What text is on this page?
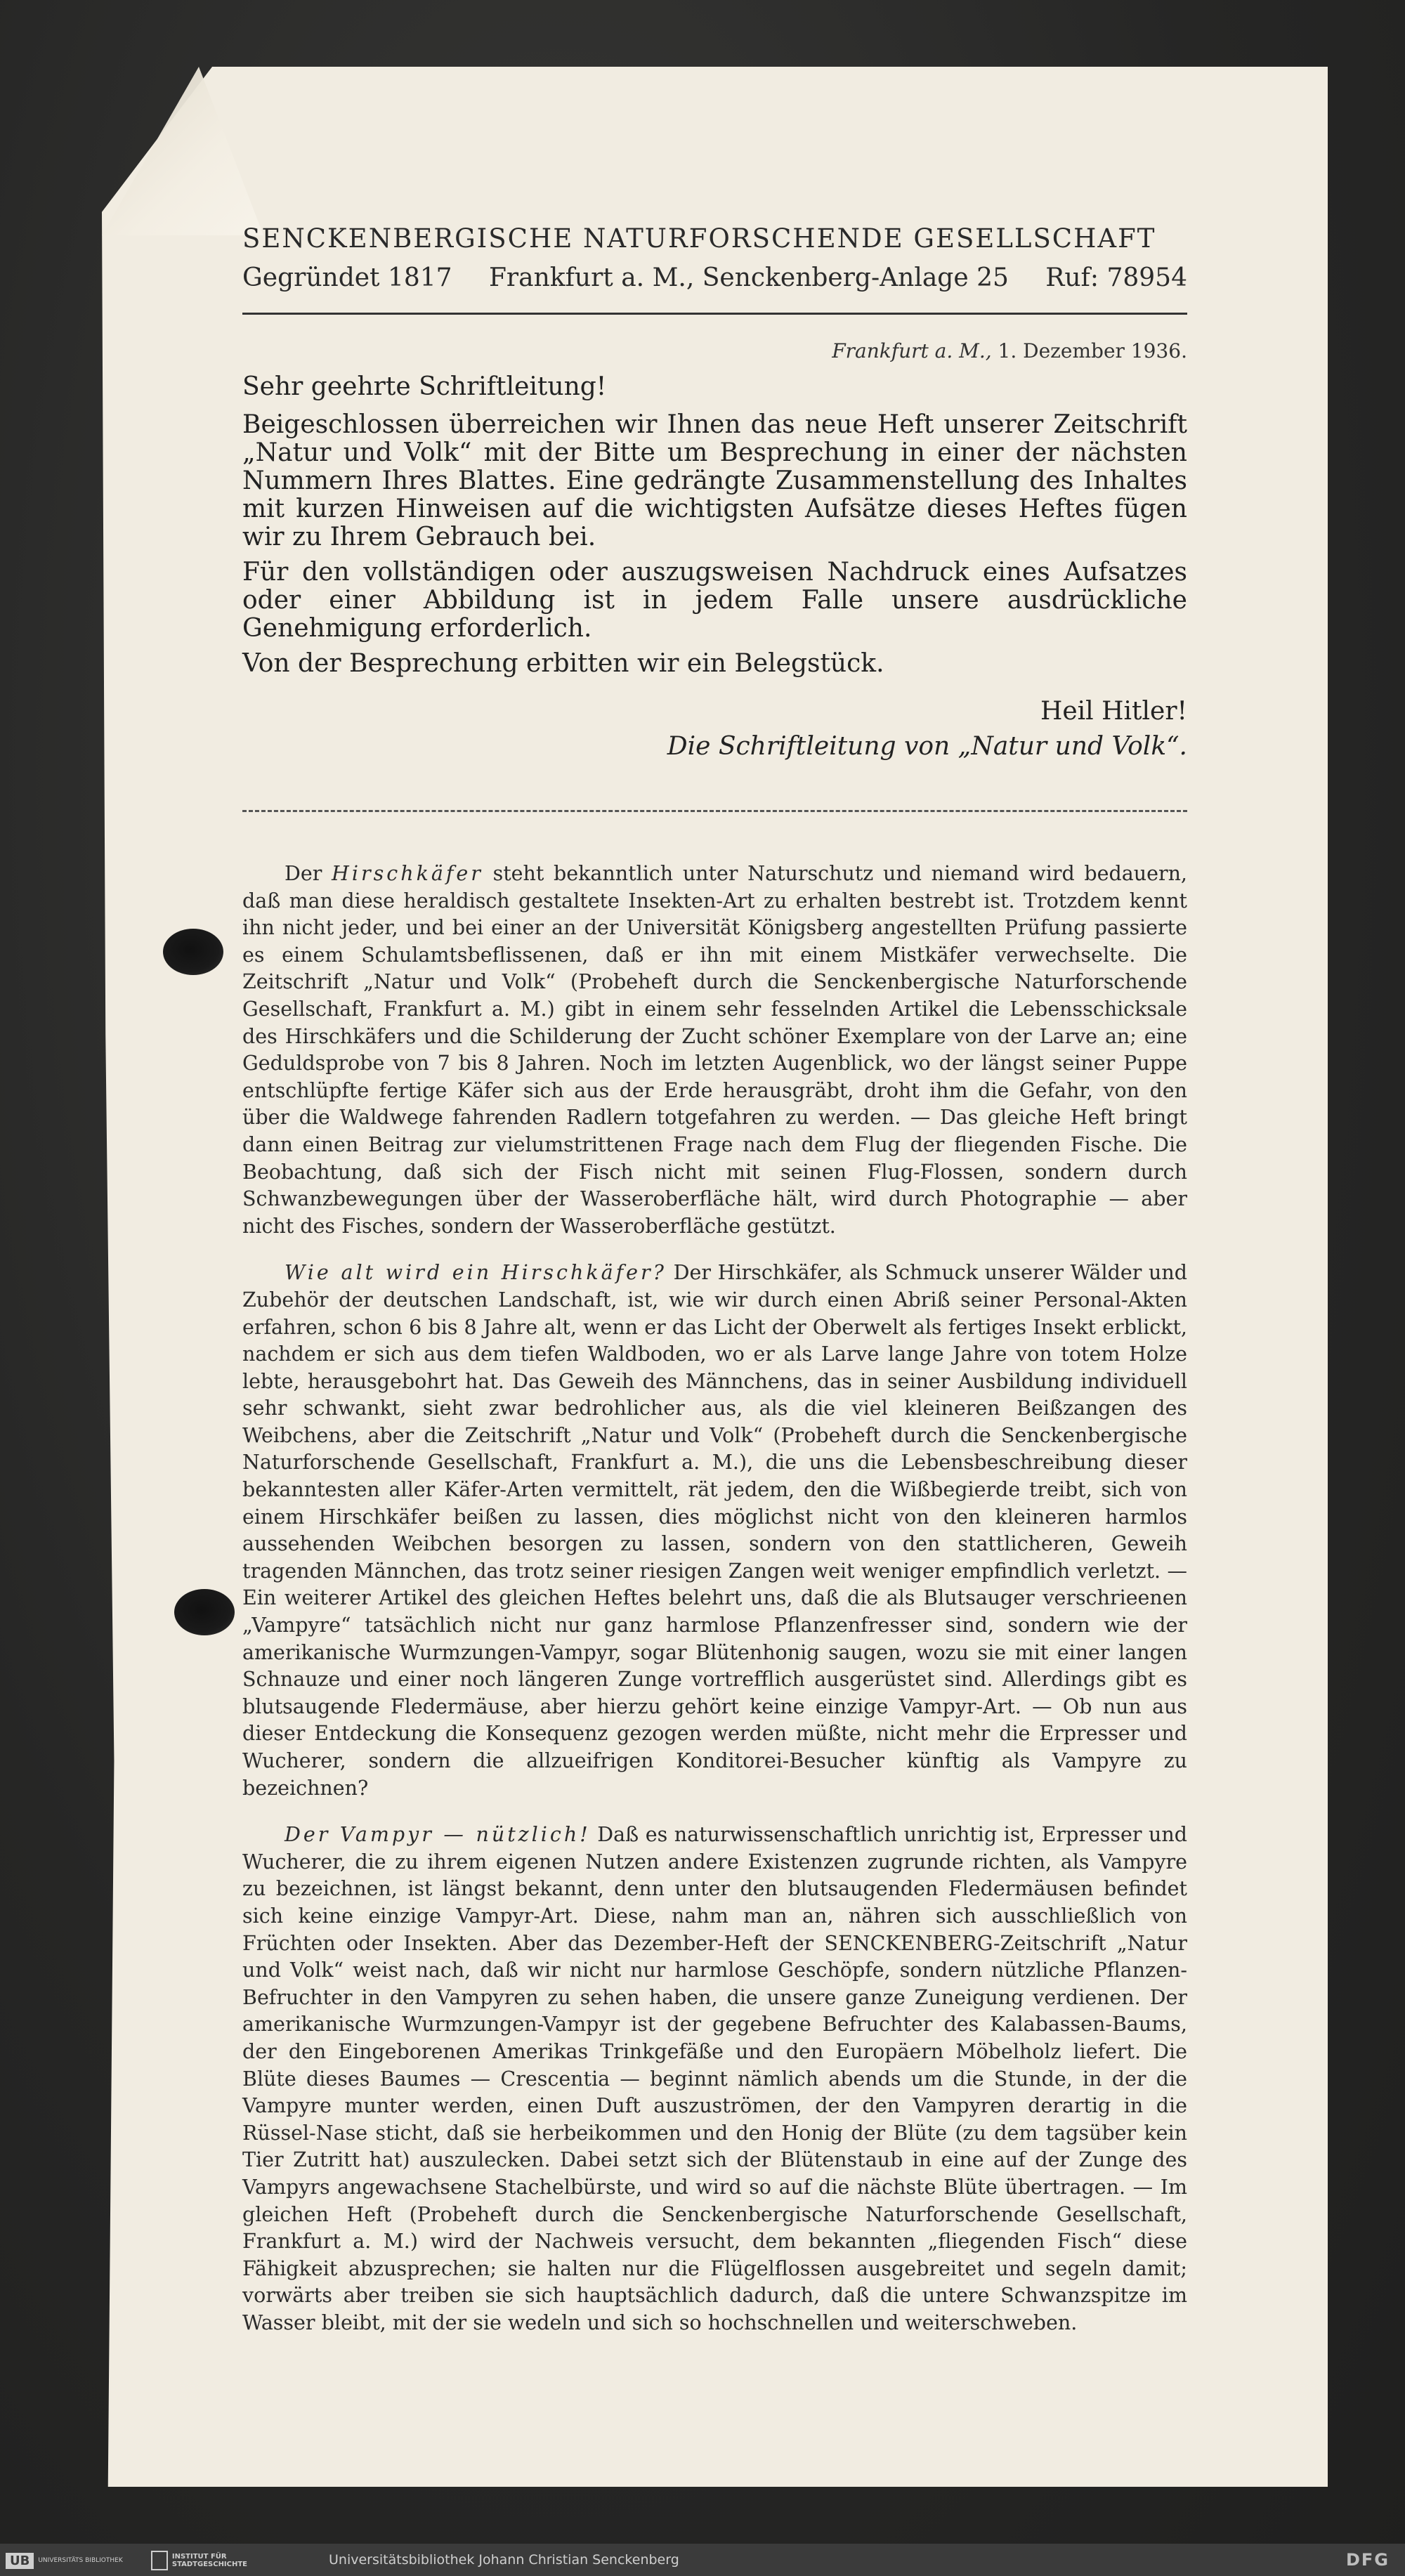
SENCKENBERGISCHE NATURFORSCHENDE GESELLSCHAFT
Gegründet 1817 Frankfurt a. M., Senckenberg-Anlage 25 Ruf: 78954
Frankfurt a. M., 1. Dezember 1936.
Sehr geehrte Schriftleitung!

Beigeschlossen überreichen wir Ihnen das neue Heft unserer Zeitschrift „Natur und Volk“ mit der Bitte um Besprechung in einer der nächsten Nummern Ihres Blattes. Eine gedrängte Zusammenstellung des Inhaltes mit kurzen Hinweisen auf die wichtigsten Aufsätze dieses Heftes fügen wir zu Ihrem Gebrauch bei.

Für den vollständigen oder auszugsweisen Nachdruck eines Aufsatzes oder einer Abbildung ist in jedem Falle unsere ausdrückliche Genehmigung erforderlich.

Von der Besprechung erbitten wir ein Belegstück.

Heil Hitler!
Die Schriftleitung von „Natur und Volk“.

Der Hirschkäfer steht bekanntlich unter Naturschutz und niemand wird bedauern, daß man diese heraldisch gestaltete Insekten-Art zu erhalten bestrebt ist. Trotzdem kennt ihn nicht jeder, und bei einer an der Universität Königsberg angestellten Prüfung passierte es einem Schulamtsbeflissenen, daß er ihn mit einem Mistkäfer verwechselte. Die Zeitschrift „Natur und Volk“ (Probeheft durch die Senckenbergische Naturforschende Gesellschaft, Frankfurt a. M.) gibt in einem sehr fesselnden Artikel die Lebensschicksale des Hirschkäfers und die Schilderung der Zucht schöner Exemplare von der Larve an; eine Geduldsprobe von 7 bis 8 Jahren. Noch im letzten Augenblick, wo der längst seiner Puppe entschlüpfte fertige Käfer sich aus der Erde herausgräbt, droht ihm die Gefahr, von den über die Waldwege fahrenden Radlern totgefahren zu werden. — Das gleiche Heft bringt dann einen Beitrag zur vielumstrittenen Frage nach dem Flug der fliegenden Fische. Die Beobachtung, daß sich der Fisch nicht mit seinen Flug-Flossen, sondern durch Schwanzbewegungen über der Wasseroberfläche hält, wird durch Photographie — aber nicht des Fisches, sondern der Wasseroberfläche gestützt.

Wie alt wird ein Hirschkäfer? Der Hirschkäfer, als Schmuck unserer Wälder und Zubehör der deutschen Landschaft, ist, wie wir durch einen Abriß seiner Personal-Akten erfahren, schon 6 bis 8 Jahre alt, wenn er das Licht der Oberwelt als fertiges Insekt erblickt, nachdem er sich aus dem tiefen Waldboden, wo er als Larve lange Jahre von totem Holze lebte, herausgebohrt hat. Das Geweih des Männchens, das in seiner Ausbildung individuell sehr schwankt, sieht zwar bedrohlicher aus, als die viel kleineren Beißzangen des Weibchens, aber die Zeitschrift „Natur und Volk“ (Probeheft durch die Senckenbergische Naturforschende Gesellschaft, Frankfurt a. M.), die uns die Lebensbeschreibung dieser bekanntesten aller Käfer-Arten vermittelt, rät jedem, den die Wißbegierde treibt, sich von einem Hirschkäfer beißen zu lassen, dies möglichst nicht von den kleineren harmlos aussehenden Weibchen besorgen zu lassen, sondern von den stattlicheren, Geweih tragenden Männchen, das trotz seiner riesigen Zangen weit weniger empfindlich verletzt. — Ein weiterer Artikel des gleichen Heftes belehrt uns, daß die als Blutsauger verschrieenen „Vampyre“ tatsächlich nicht nur ganz harmlose Pflanzenfresser sind, sondern wie der amerikanische Wurmzungen-Vampyr, sogar Blütenhonig saugen, wozu sie mit einer langen Schnauze und einer noch längeren Zunge vortrefflich ausgerüstet sind. Allerdings gibt es blutsaugende Fledermäuse, aber hierzu gehört keine einzige Vampyr-Art. — Ob nun aus dieser Entdeckung die Konsequenz gezogen werden müßte, nicht mehr die Erpresser und Wucherer, sondern die allzueifrigen Konditorei-Besucher künftig als Vampyre zu bezeichnen?

Der Vampyr — nützlich! Daß es naturwissenschaftlich unrichtig ist, Erpresser und Wucherer, die zu ihrem eigenen Nutzen andere Existenzen zugrunde richten, als Vampyre zu bezeichnen, ist längst bekannt, denn unter den blutsaugenden Fledermäusen befindet sich keine einzige Vampyr-Art. Diese, nahm man an, nähren sich ausschließlich von Früchten oder Insekten. Aber das Dezember-Heft der SENCKENBERG-Zeitschrift „Natur und Volk“ weist nach, daß wir nicht nur harmlose Geschöpfe, sondern nützliche Pflanzen-Befruchter in den Vampyren zu sehen haben, die unsere ganze Zuneigung verdienen. Der amerikanische Wurmzungen-Vampyr ist der gegebene Befruchter des Kalabassen-Baums, der den Eingeborenen Amerikas Trinkgefäße und den Europäern Möbelholz liefert. Die Blüte dieses Baumes — Crescentia — beginnt nämlich abends um die Stunde, in der die Vampyre munter werden, einen Duft auszuströmen, der den Vampyren derartig in die Rüssel-Nase sticht, daß sie herbeikommen und den Honig der Blüte (zu dem tagsüber kein Tier Zutritt hat) auszulecken. Dabei setzt sich der Blütenstaub in eine auf der Zunge des Vampyrs angewachsene Stachelbürste, und wird so auf die nächste Blüte übertragen. — Im gleichen Heft (Probeheft durch die Senckenbergische Naturforschende Gesellschaft, Frankfurt a. M.) wird der Nachweis versucht, dem bekannten „fliegenden Fisch“ diese Fähigkeit abzusprechen; sie halten nur die Flügelflossen ausgebreitet und segeln damit; vorwärts aber treiben sie sich hauptsächlich dadurch, daß die untere Schwanzspitze im Wasser bleibt, mit der sie wedeln und sich so hochschnellen und weiterschweben.

UB	UNIVERSITÄTS BIBLIOTHEK	INSTITUT FÜR STADTGESCHICHTE	Universitätsbibliothek Johann Christian Senckenberg	DFG
